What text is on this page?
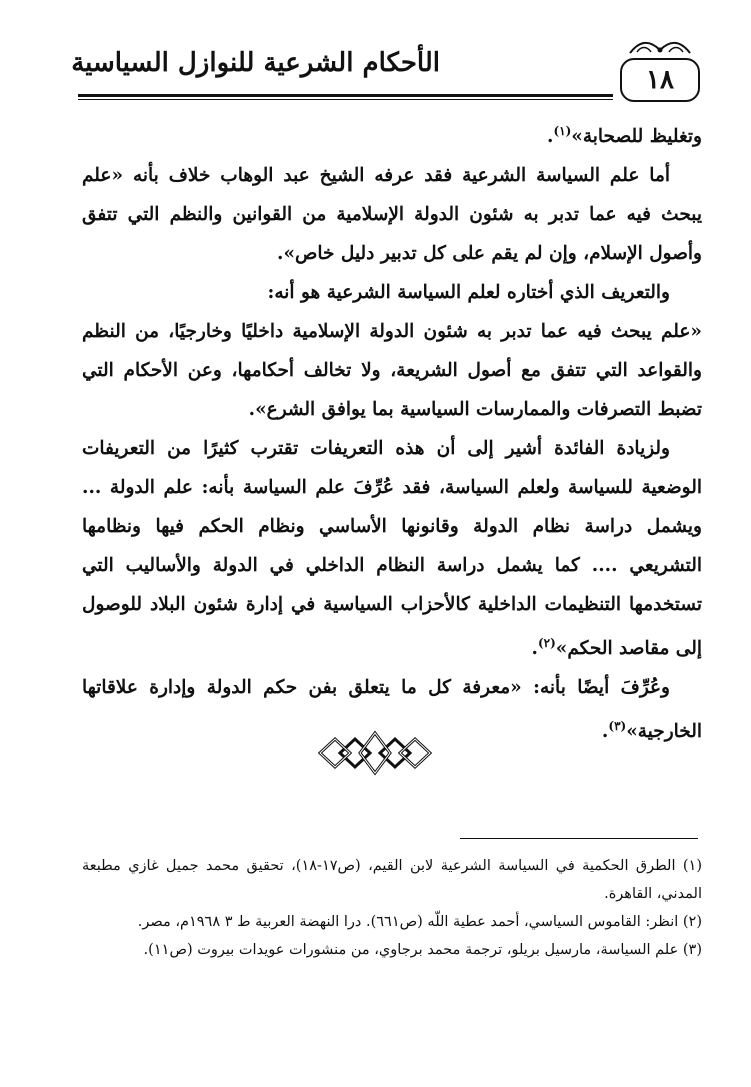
الأحكام الشرعية للنوازل السياسية
١٨

وتغليظ للصحابة»$^{(١)}$.

أما علم السياسة الشرعية فقد عرفه الشيخ عبد الوهاب خلاف بأنه «علم يبحث فيه عما تدبر به شئون الدولة الإسلامية من القوانين والنظم التي تتفق وأصول الإسلام، وإن لم يقم على كل تدبير دليل خاص».

والتعريف الذي أختاره لعلم السياسة الشرعية هو أنه:

«علم يبحث فيه عما تدبر به شئون الدولة الإسلامية داخليًا وخارجيًا، من النظم والقواعد التي تتفق مع أصول الشريعة، ولا تخالف أحكامها، وعن الأحكام التي تضبط التصرفات والممارسات السياسية بما يوافق الشرع».

ولزيادة الفائدة أشير إلى أن هذه التعريفات تقترب كثيرًا من التعريفات الوضعية للسياسة ولعلم السياسة، فقد عُرِّفَ علم السياسة بأنه: علم الدولة ... ويشمل دراسة نظام الدولة وقانونها الأساسي ونظام الحكم فيها ونظامها التشريعي .... كما يشمل دراسة النظام الداخلي في الدولة والأساليب التي تستخدمها التنظيمات الداخلية كالأحزاب السياسية في إدارة شئون البلاد للوصول إلى مقاصد الحكم»$^{(٢)}$.

وعُرِّفَ أيضًا بأنه: «معرفة كل ما يتعلق بفن حكم الدولة وإدارة علاقاتها الخارجية»$^{(٣)}$.

(١) الطرق الحكمية في السياسة الشرعية لابن القيم، (ص١٧-١٨)، تحقيق محمد جميل غازي مطبعة المدني، القاهرة.

(٢) انظر: القاموس السياسي، أحمد عطية اللّه (ص٦٦١). درا النهضة العربية ط ٣ ١٩٦٨م، مصر.

(٣) علم السياسة، مارسيل بريلو، ترجمة محمد برجاوي، من منشورات عويدات بيروت (ص١١).
